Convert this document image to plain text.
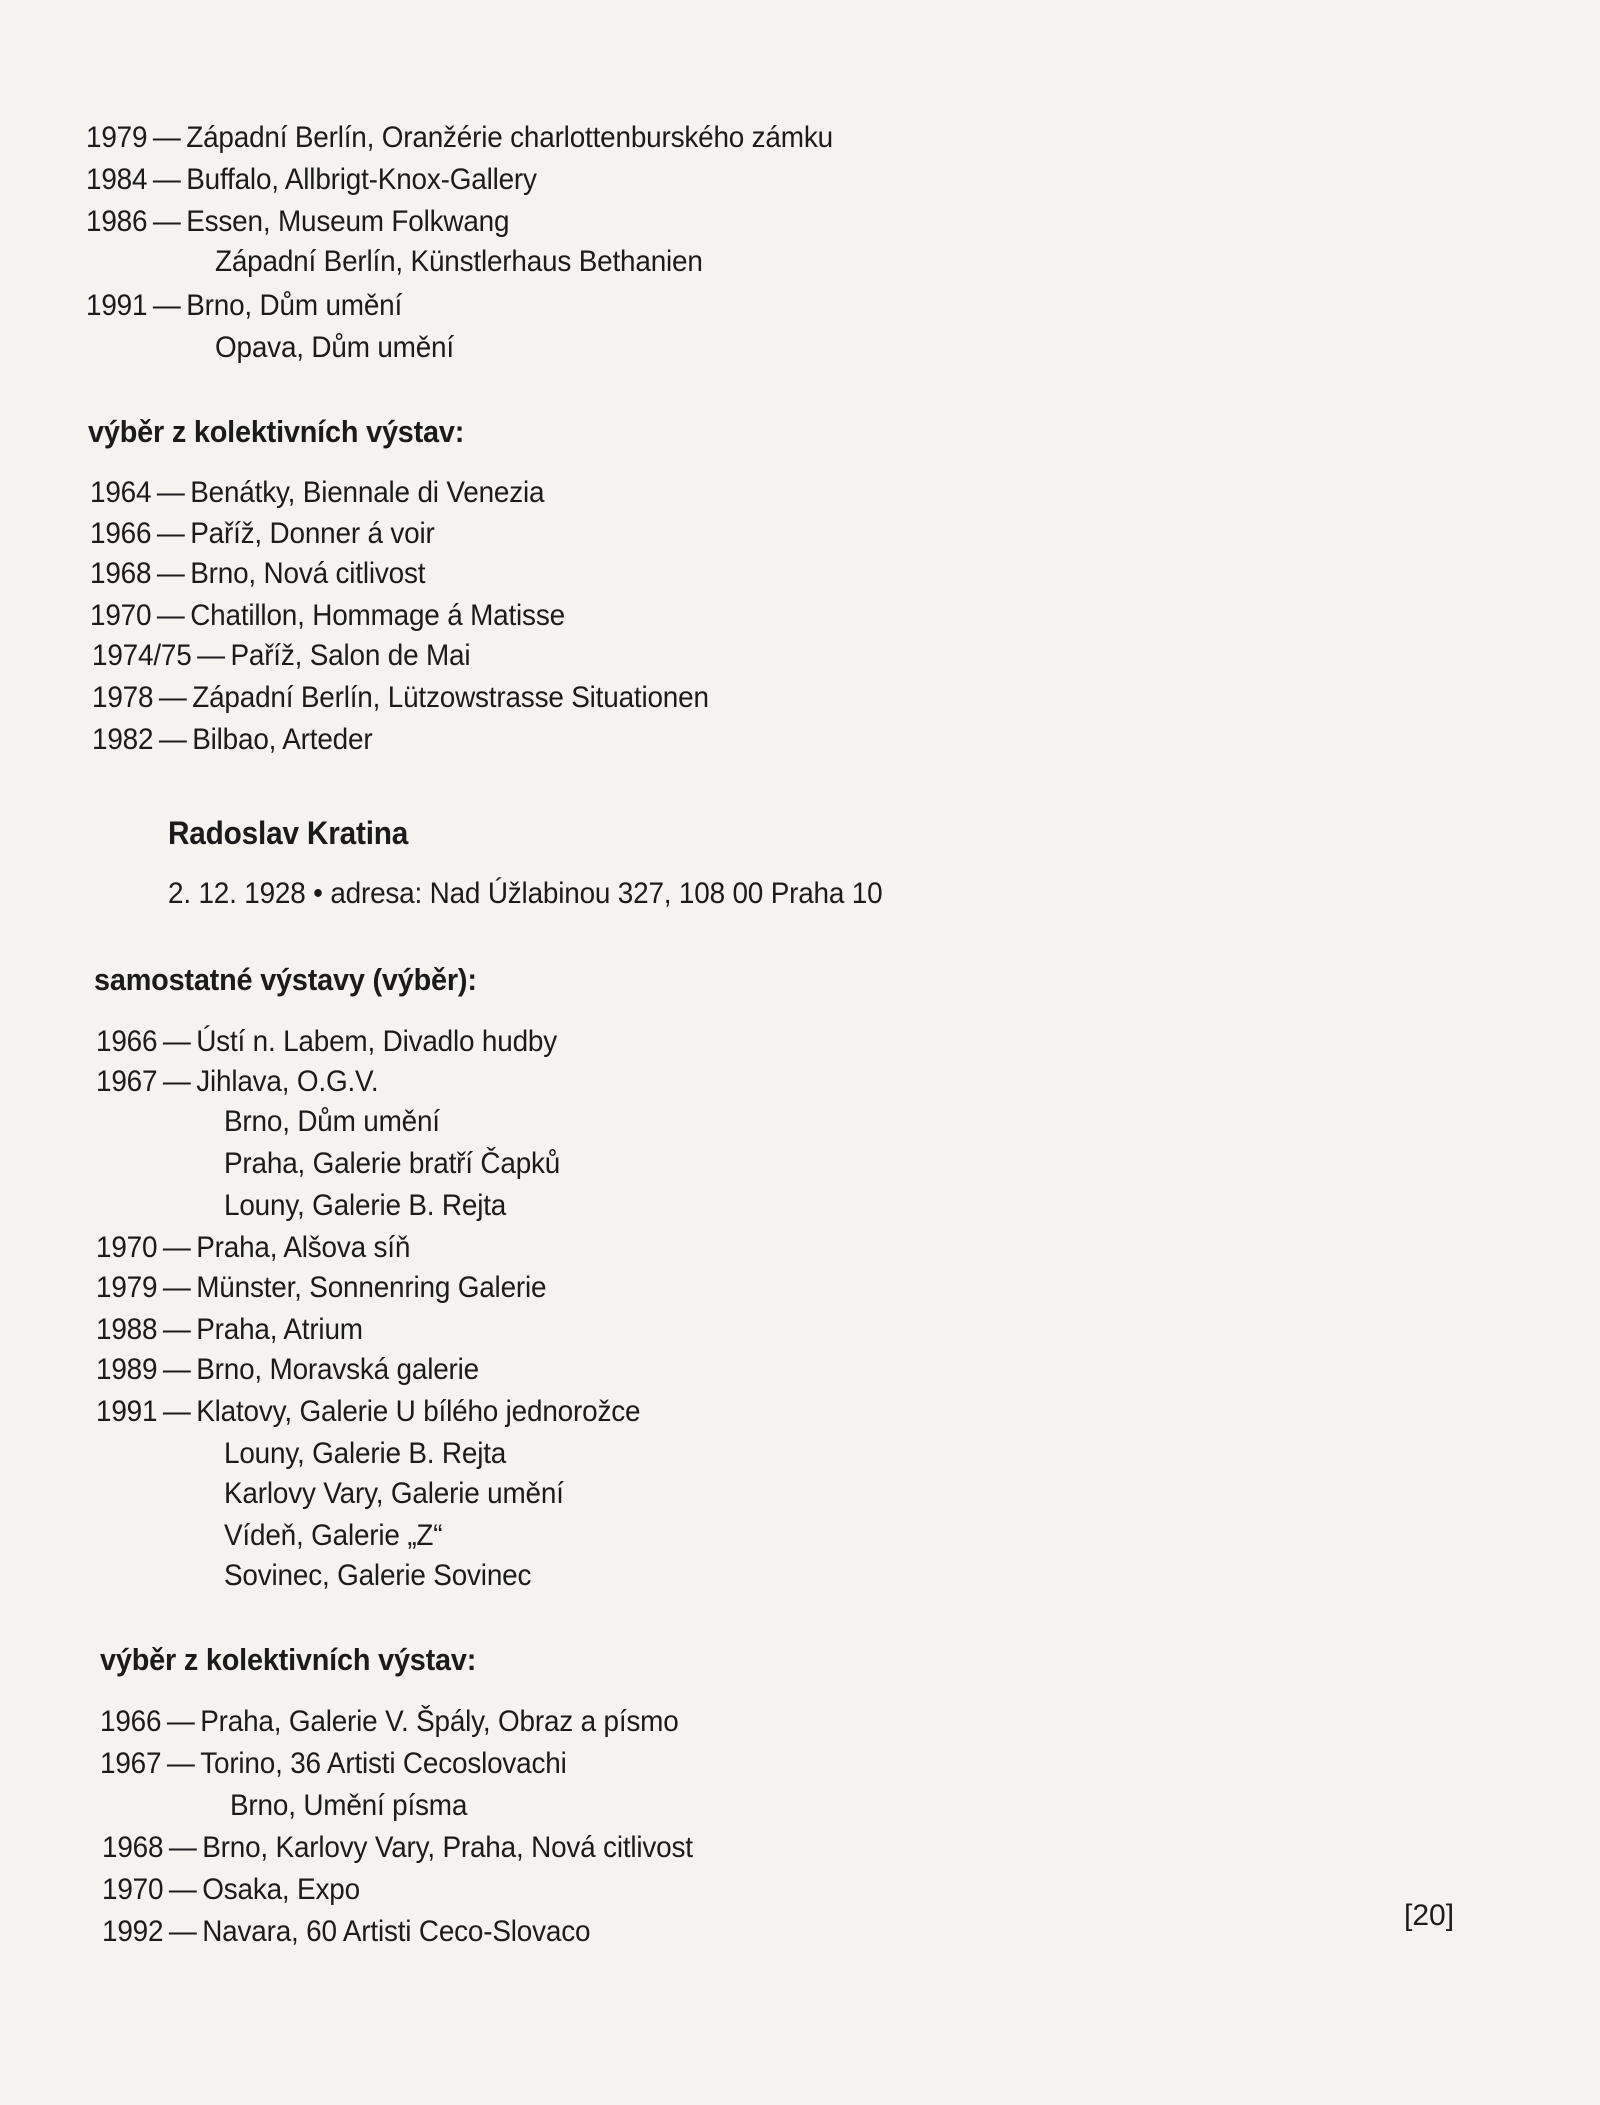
1979 — Západní Berlín, Oranžérie charlottenburského zámku
1984 — Buffalo, Allbrigt-Knox-Gallery
1986 — Essen, Museum Folkwang
Západní Berlín, Künstlerhaus Bethanien
1991 — Brno, Dům umění
Opava, Dům umění
výběr z kolektivních výstav:
1964 — Benátky, Biennale di Venezia
1966 — Paříž, Donner á voir
1968 — Brno, Nová citlivost
1970 — Chatillon, Hommage á Matisse
1974/75 — Paříž, Salon de Mai
1978 — Západní Berlín, Lützowstrasse Situationen
1982 — Bilbao, Arteder
Radoslav Kratina
2. 12. 1928 • adresa: Nad Úžlabinou 327, 108 00 Praha 10
samostatné výstavy (výběr):
1966 — Ústí n. Labem, Divadlo hudby
1967 — Jihlava, O.G.V.
Brno, Dům umění
Praha, Galerie bratří Čapků
Louny, Galerie B. Rejta
1970 — Praha, Alšova síň
1979 — Münster, Sonnenring Galerie
1988 — Praha, Atrium
1989 — Brno, Moravská galerie
1991 — Klatovy, Galerie U bílého jednorožce
Louny, Galerie B. Rejta
Karlovy Vary, Galerie umění
Vídeň, Galerie „Z“
Sovinec, Galerie Sovinec
výběr z kolektivních výstav:
1966 — Praha, Galerie V. Špály, Obraz a písmo
1967 — Torino, 36 Artisti Cecoslovachi
Brno, Umění písma
1968 — Brno, Karlovy Vary, Praha, Nová citlivost
1970 — Osaka, Expo
1992 — Navara, 60 Artisti Ceco-Slovaco	[20]
